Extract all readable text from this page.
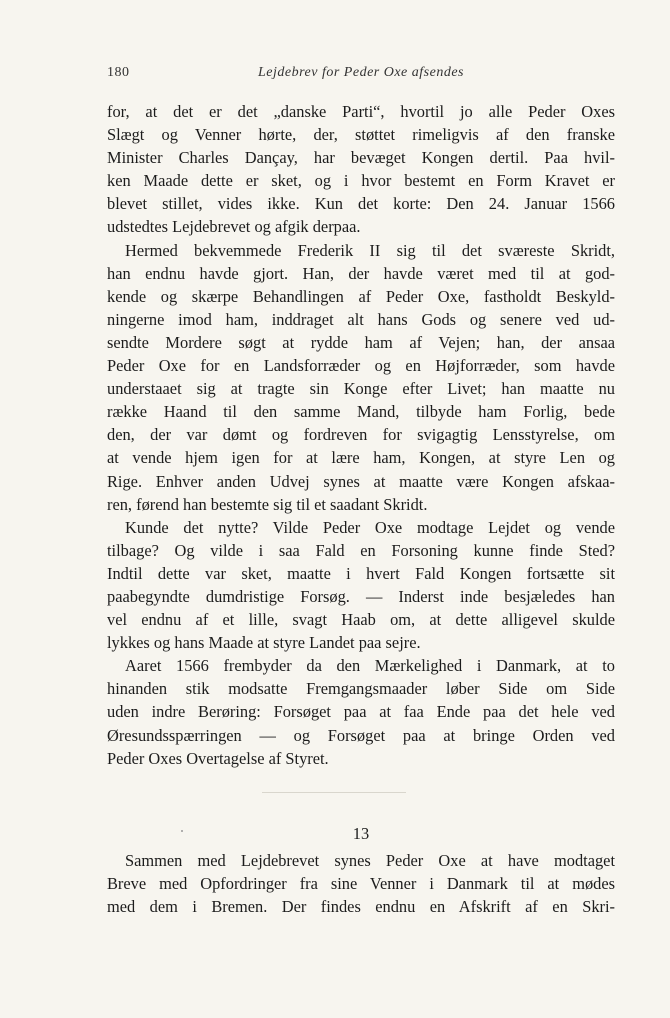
180	Lejdebrev for Peder Oxe afsendes
for, at det er det „danske Parti“, hvortil jo alle Peder Oxes
Slægt og Venner hørte, der, støttet rimeligvis af den franske
Minister Charles Dançay, har bevæget Kongen dertil. Paa hvil-
ken Maade dette er sket, og i hvor bestemt en Form Kravet er
blevet stillet, vides ikke. Kun det korte: Den 24. Januar 1566
udstedtes Lejdebrevet og afgik derpaa.
Hermed bekvemmede Frederik II sig til det sværeste Skridt,
han endnu havde gjort. Han, der havde været med til at god-
kende og skærpe Behandlingen af Peder Oxe, fastholdt Beskyld-
ningerne imod ham, inddraget alt hans Gods og senere ved ud-
sendte Mordere søgt at rydde ham af Vejen; han, der ansaa
Peder Oxe for en Landsforræder og en Højforræder, som havde
understaaet sig at tragte sin Konge efter Livet; han maatte nu
række Haand til den samme Mand, tilbyde ham Forlig, bede
den, der var dømt og fordreven for svigagtig Lensstyrelse, om
at vende hjem igen for at lære ham, Kongen, at styre Len og
Rige. Enhver anden Udvej synes at maatte være Kongen afskaa-
ren, førend han bestemte sig til et saadant Skridt.
Kunde det nytte? Vilde Peder Oxe modtage Lejdet og vende
tilbage? Og vilde i saa Fald en Forsoning kunne finde Sted?
Indtil dette var sket, maatte i hvert Fald Kongen fortsætte sit
paabegyndte dumdristige Forsøg. — Inderst inde besjæledes han
vel endnu af et lille, svagt Haab om, at dette alligevel skulde
lykkes og hans Maade at styre Landet paa sejre.
Aaret 1566 frembyder da den Mærkelighed i Danmark, at to
hinanden stik modsatte Fremgangsmaader løber Side om Side
uden indre Berøring: Forsøget paa at faa Ende paa det hele ved
Øresundsspærringen — og Forsøget paa at bringe Orden ved
Peder Oxes Overtagelse af Styret.
13
Sammen med Lejdebrevet synes Peder Oxe at have modtaget
Breve med Opfordringer fra sine Venner i Danmark til at mødes
med dem i Bremen. Der findes endnu en Afskrift af en Skri-
